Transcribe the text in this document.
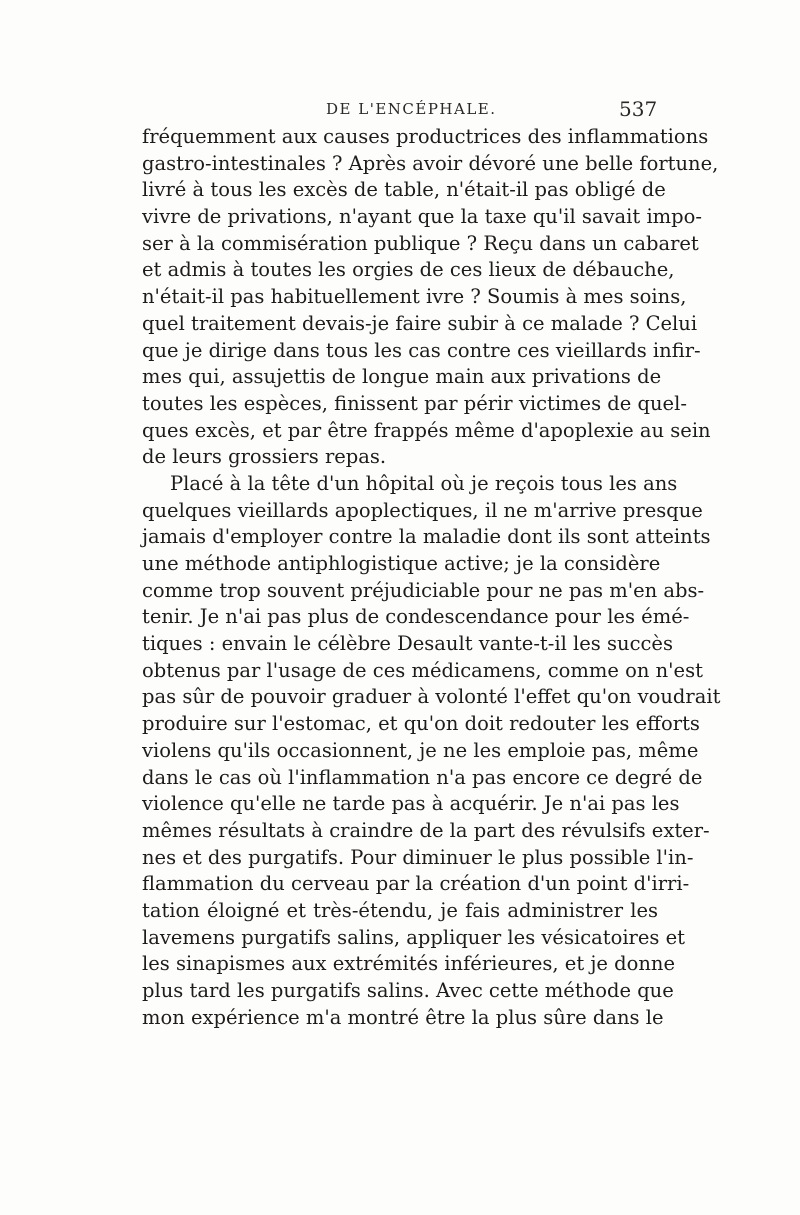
DE L'ENCÉPHALE.	537
fréquemment aux causes productrices des inflammations
gastro-intestinales ? Après avoir dévoré une belle fortune,
livré à tous les excès de table, n'était-il pas obligé de
vivre de privations, n'ayant que la taxe qu'il savait impo-
ser à la commisération publique ? Reçu dans un cabaret
et admis à toutes les orgies de ces lieux de débauche,
n'était-il pas habituellement ivre ? Soumis à mes soins,
quel traitement devais-je faire subir à ce malade ? Celui
que je dirige dans tous les cas contre ces vieillards infir-
mes qui, assujettis de longue main aux privations de
toutes les espèces, finissent par périr victimes de quel-
ques excès, et par être frappés même d'apoplexie au sein
de leurs grossiers repas.
Placé à la tête d'un hôpital où je reçois tous les ans
quelques vieillards apoplectiques, il ne m'arrive presque
jamais d'employer contre la maladie dont ils sont atteints
une méthode antiphlogistique active; je la considère
comme trop souvent préjudiciable pour ne pas m'en abs-
tenir. Je n'ai pas plus de condescendance pour les émé-
tiques : envain le célèbre Desault vante-t-il les succès
obtenus par l'usage de ces médicamens, comme on n'est
pas sûr de pouvoir graduer à volonté l'effet qu'on voudrait
produire sur l'estomac, et qu'on doit redouter les efforts
violens qu'ils occasionnent, je ne les emploie pas, même
dans le cas où l'inflammation n'a pas encore ce degré de
violence qu'elle ne tarde pas à acquérir. Je n'ai pas les
mêmes résultats à craindre de la part des révulsifs exter-
nes et des purgatifs. Pour diminuer le plus possible l'in-
flammation du cerveau par la création d'un point d'irri-
tation éloigné et très-étendu, je fais administrer les
lavemens purgatifs salins, appliquer les vésicatoires et
les sinapismes aux extrémités inférieures, et je donne
plus tard les purgatifs salins. Avec cette méthode que
mon expérience m'a montré être la plus sûre dans le
